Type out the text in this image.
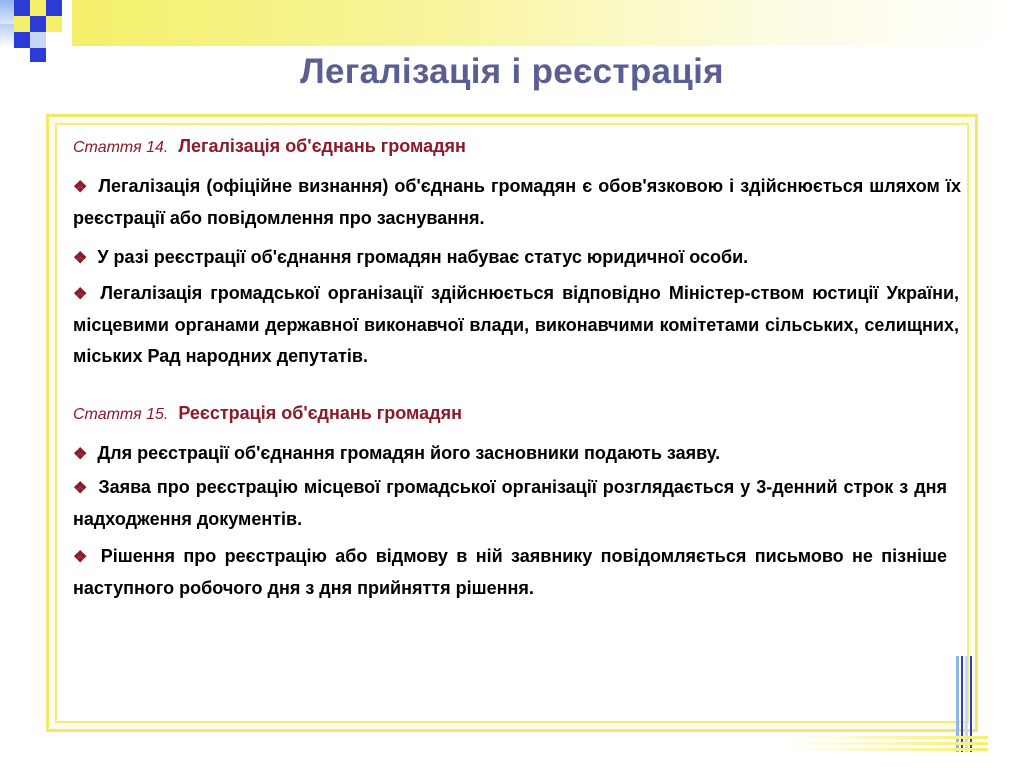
Легалізація і реєстрація
Стаття 14. Легалізація об'єднань громадян

❖ Легалізація (офіційне визнання) об'єднань громадян є обов'язковою і здійснюється шляхом їх реєстрації або повідомлення про заснування.

❖ У разі реєстрації об'єднання громадян набуває статус юридичної особи.

❖ Легалізація громадської організації здійснюється відповідно Міністер-ством юстиції України, місцевими органами державної виконавчої влади, виконавчими комітетами сільських, селищних, міських Рад народних депутатів.

Стаття 15. Реєстрація об'єднань громадян

❖ Для реєстрації об'єднання громадян його засновники подають заяву.

❖ Заява про реєстрацію місцевої громадської організації розглядається у 3-денний строк з дня надходження документів.

❖ Рішення про реєстрацію або відмову в ній заявнику повідомляється письмово не пізніше наступного робочого дня з дня прийняття рішення.
